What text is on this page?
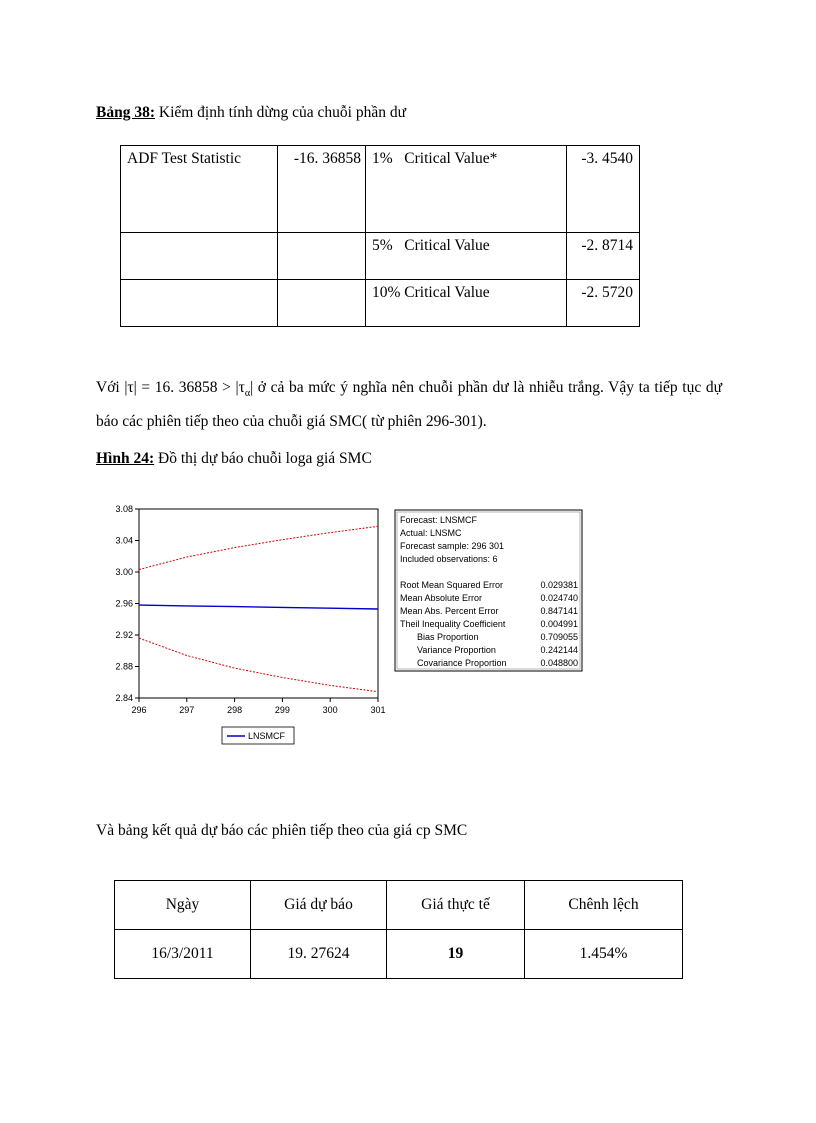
Bảng 38: Kiểm định tính dừng của chuỗi phần dư
ADF Test Statistic	-16. 36858	1%   Critical Value*	-3. 4540
		5%   Critical Value	-2. 8714
		10% Critical Value	-2. 5720
Với |τ| = 16. $36858 > |\tau_\alpha|$ ở cả ba mức ý nghĩa nên chuỗi phần dư là nhiễu trắng. Vậy ta tiếp tục dự báo các phiên tiếp theo của chuỗi giá SMC( từ phiên 296-301).
Hình 24: Đồ thị dự báo chuỗi loga giá SMC
2.84
2.88
2.92
2.96
3.00
3.04
3.08
296	297	298	299	300	301
LNSMCF
Forecast: LNSMCF
Actual: LNSMC
Forecast sample: 296 301
Included observations: 6
Root Mean Squared Error	0.029381
Mean Absolute Error	0.024740
Mean Abs. Percent Error	0.847141
Theil Inequality Coefficient	0.004991
Bias Proportion	0.709055
Variance Proportion	0.242144
Covariance Proportion	0.048800
Và bảng kết quả dự báo các phiên tiếp theo của giá cp SMC
Ngày	Giá dự báo	Giá thực tế	Chênh lệch
16/3/2011	19. 27624	19	1.454%
